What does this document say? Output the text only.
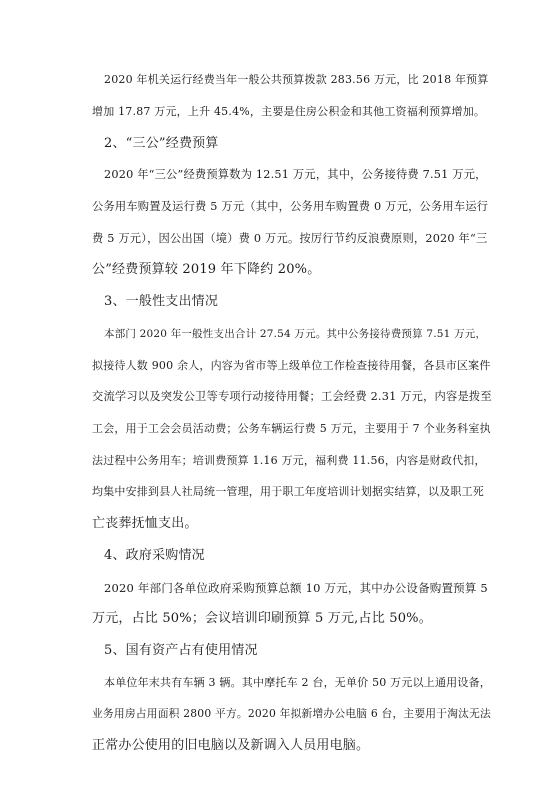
2020 年机关运行经费当年一般公共预算拨款 283.56 万元，比 2018 年预算
增加 17.87 万元，上升 45.4%，主要是住房公积金和其他工资福利预算增加。
2、“三公”经费预算
2020 年“三公”经费预算数为 12.51 万元，其中，公务接待费 7.51 万元，
公务用车购置及运行费 5 万元（其中，公务用车购置费 0 万元，公务用车运行
费 5 万元），因公出国（境）费 0 万元。按厉行节约反浪费原则，2020 年“三
公”经费预算较 2019 年下降约 20%。
3、一般性支出情况
本部门 2020 年一般性支出合计 27.54 万元。其中公务接待费预算 7.51 万元，
拟接待人数 900 余人，内容为省市等上级单位工作检查接待用餐，各县市区案件
交流学习以及突发公卫等专项行动接待用餐；工会经费 2.31 万元，内容是拨至
工会，用于工会会员活动费；公务车辆运行费 5 万元，主要用于 7 个业务科室执
法过程中公务用车；培训费预算 1.16 万元，福利费 11.56，内容是财政代扣，
均集中安排到县人社局统一管理，用于职工年度培训计划据实结算，以及职工死
亡丧葬抚恤支出。
4、政府采购情况
2020 年部门各单位政府采购预算总额 10 万元，其中办公设备购置预算 5
万元，占比 50%；会议培训印刷预算 5 万元,占比 50%。
5、国有资产占有使用情况
本单位年末共有车辆 3 辆。其中摩托车 2 台，无单价 50 万元以上通用设备，
业务用房占用面积 2800 平方。2020 年拟新增办公电脑 6 台，主要用于淘汰无法
正常办公使用的旧电脑以及新调入人员用电脑。
